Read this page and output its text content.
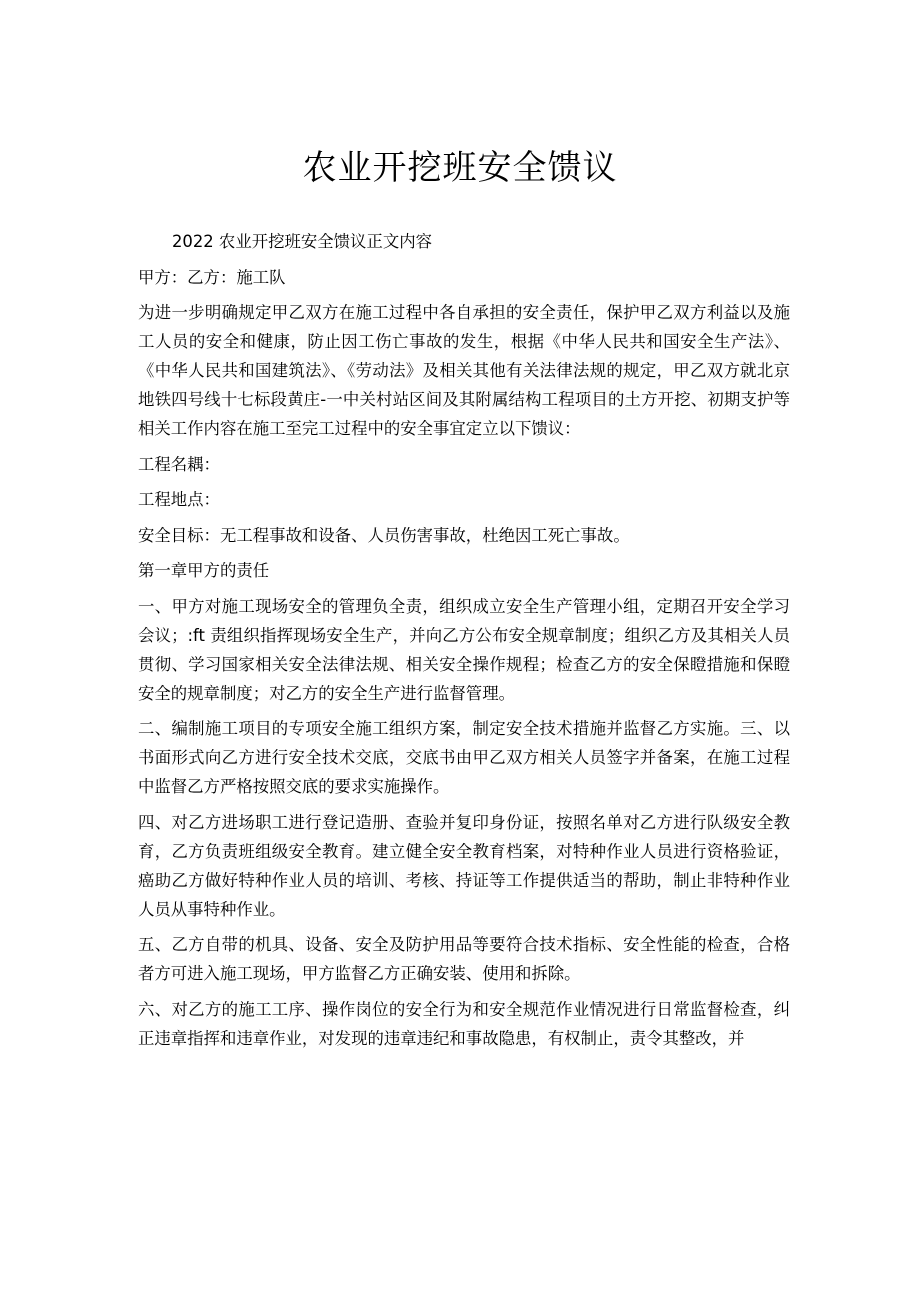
农业开挖班安全馈议

2022 农业开挖班安全馈议正文内容

甲方：乙方：施工队

为进一步明确规定甲乙双方在施工过程中各自承担的安全责任，保护甲乙双方利益以及施工人员的安全和健康，防止因工伤亡事故的发生，根据《中华人民共和国安全生产法》、《中华人民共和国建筑法》、《劳动法》及相关其他有关法律法规的规定，甲乙双方就北京地铁四号线十七标段黄庄-一中关村站区间及其附属结构工程项目的土方开挖、初期支护等相关工作内容在施工至完工过程中的安全事宜定立以下馈议：

工程名耦：

工程地点：

安全目标：无工程事故和设备、人员伤害事故，杜绝因工死亡事故。

第一章甲方的责任

一、甲方对施工现场安全的管理负全责，组织成立安全生产管理小组，定期召开安全学习会议；:ft 责组织指挥现场安全生产，并向乙方公布安全规章制度；组织乙方及其相关人员贯彻、学习国家相关安全法律法规、相关安全操作规程；检查乙方的安全保瞪措施和保瞪安全的规章制度；对乙方的安全生产进行监督管理。

二、编制施工项目的专项安全施工组织方案，制定安全技术措施并监督乙方实施。三、以书面形式向乙方进行安全技术交底，交底书由甲乙双方相关人员签字并备案，在施工过程中监督乙方严格按照交底的要求实施操作。

四、对乙方进场职工进行登记造册、查验并复印身份证，按照名单对乙方进行队级安全教育，乙方负责班组级安全教育。建立健全安全教育档案，对特种作业人员进行资格验证，癌助乙方做好特种作业人员的培训、考核、持证等工作提供适当的帮助，制止非特种作业人员从事特种作业。

五、乙方自带的机具、设备、安全及防护用品等要符合技术指标、安全性能的检查，合格者方可进入施工现场，甲方监督乙方正确安装、使用和拆除。

六、对乙方的施工工序、操作岗位的安全行为和安全规范作业情况进行日常监督检查，纠正违章指挥和违章作业，对发现的违章违纪和事故隐患，有权制止，责令其整改，并
